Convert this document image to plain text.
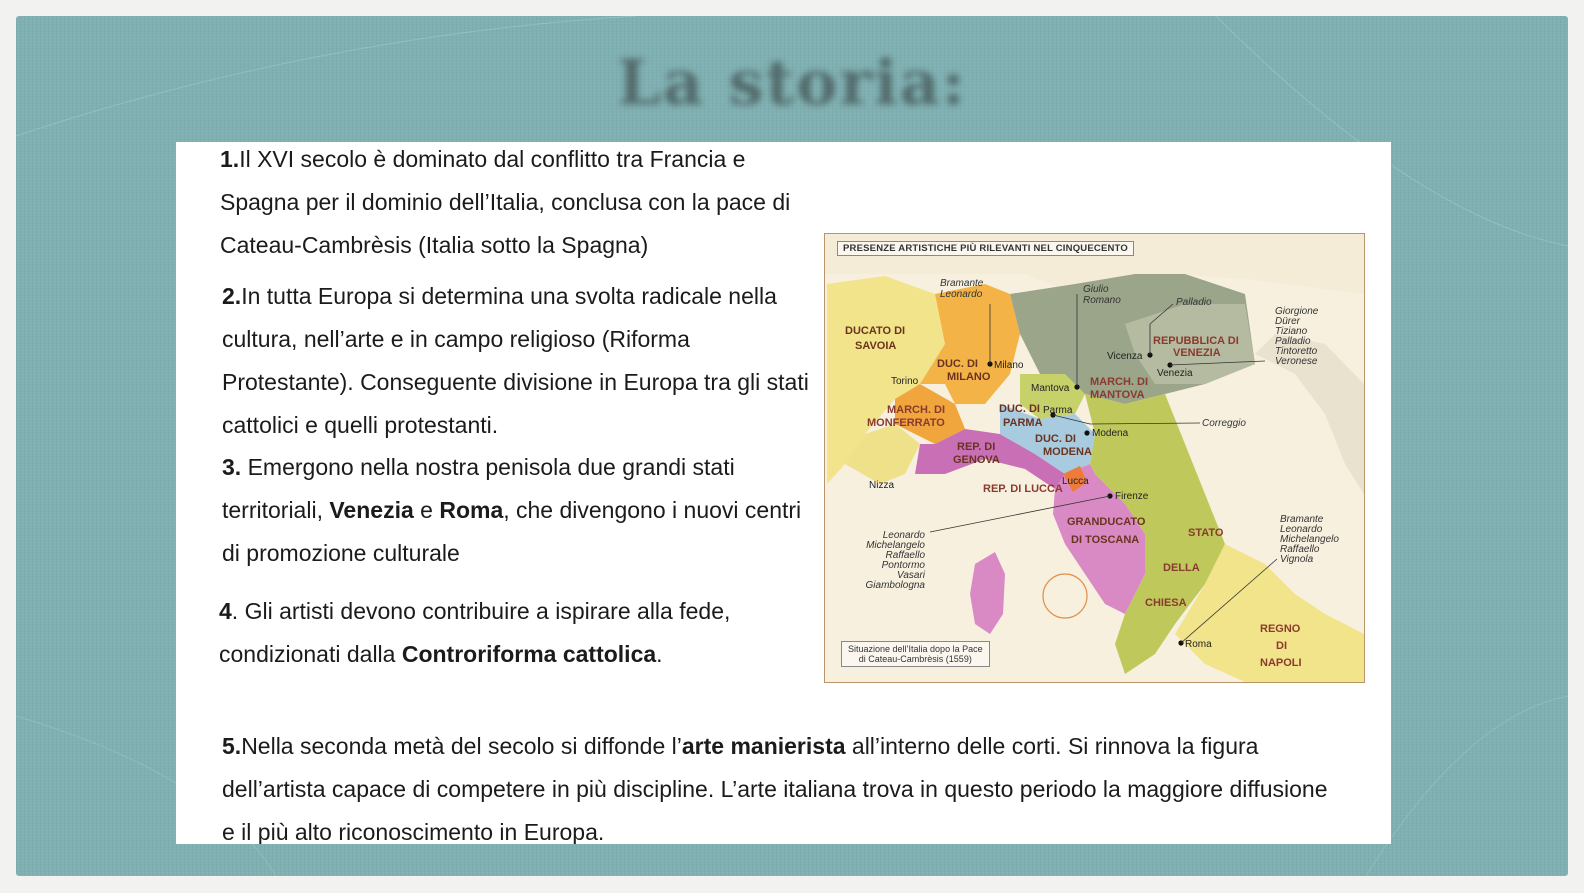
La storia:

1.Il XVI secolo è dominato dal conflitto tra Francia e Spagna per il dominio dell’Italia, conclusa con la pace di Cateau-Cambrèsis (Italia sotto la Spagna)

2.In tutta Europa si determina una svolta radicale nella cultura, nell’arte e in campo religioso (Riforma Protestante). Conseguente divisione in Europa tra gli stati cattolici e quelli protestanti.

3. Emergono nella nostra penisola due grandi stati territoriali, Venezia e Roma, che divengono i nuovi centri di promozione culturale

4. Gli artisti devono contribuire a ispirare alla fede, condizionati dalla Controriforma cattolica.

5.Nella seconda metà del secolo si diffonde l’arte manierista all’interno delle corti. Si rinnova la figura dell’artista capace di competere in più discipline. L’arte italiana trova in questo periodo la maggiore diffusione e il più alto riconoscimento in Europa.

DUCATO DI
SAVOIA
DUC. DI
MILANO
REPUBBLICA DI
VENEZIA
MARCH. DI
MANTOVA
MARCH. DI
MONFERRATO
DUC. DI
PARMA
DUC. DI
MODENA
REP. DI
GENOVA
REP. DI LUCCA
GRANDUCATO
DI TOSCANA
STATO
DELLA
CHIESA
REGNO
DI
NAPOLI
Milano
Torino
Mantova
Vicenza
Venezia
Parma
Modena
Nizza	Lucca
Firenze
Roma
Correggio
Palladio
Bramante
Leonardo	Giulio
Romano
Giorgione
Dürer
Tiziano
Palladio
Tintoretto
Veronese
Leonardo
Michelangelo
Raffaello
Pontormo
Vasari
Giambologna
Bramante
Leonardo
Michelangelo
Raffaello
Vignola
PRESENZE ARTISTICHE PIÙ RILEVANTI NEL CINQUECENTO
Situazione dell’Italia dopo la Pace
di Cateau-Cambrèsis (1559)
